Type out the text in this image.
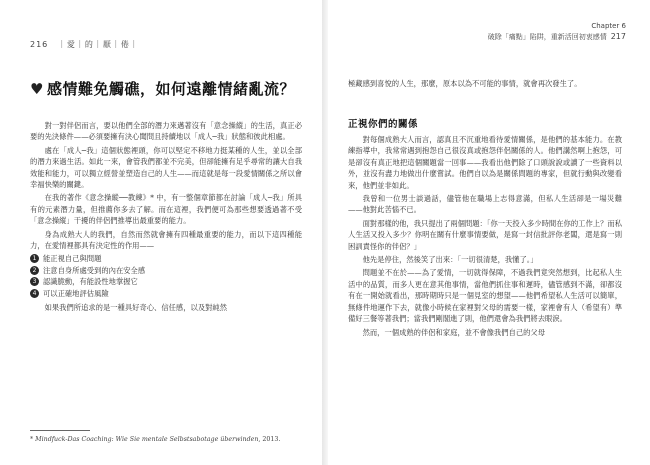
216 ｜愛｜的｜厭｜倦｜
♥ 感情難免觸礁，如何遠離情緒亂流？

對一對伴侶而言，要以他們全部的潛力來邁著沒有「意念操縱」的生活，真正必要的先決條件——必須要擁有決心聞問且持續地以「成人─我」狀態和彼此相處。

處在「成人─我」這個狀態裡頭，你可以堅定不移地力挺某種的人生，並以全部的潛力來過生活。如此一來，會管我們都並不完美，但卻能擁有足乎尋常的讓大自我效能和能力，可以獨立經營並塑造自己的人生——而這就是每一段愛情關係之所以會幸福快樂的關鍵。

在我的著作《意念操縱──教練》* 中，有一整個章節都在討論「成人─我」所具有的元素潛力量，但推薦你多去了解。而在這裡，我們便可為那些想要透過著不受「意念操縱」干擾的伴侶們推導出最重要的能力。

身為成熟大人的我們，自然而然就會擁有四種最重要的能力，而以下這四種能力，在愛情裡都具有決定性的作用——

1 能正視自己與問題
2 注意自身所處受到的內在安全感
3 認識脆動，有能設性地掌握它
4 可以正確地評估風險

如果我們所追求的是一種具好奇心、信任感，以及對純然

* Mindfuck-Das Coaching: Wie Sie mentale Selbstsabotage überwinden, 2013.
Chapter 6
破除「痛點」陷阱，重新活回初衷感情 217

極藏感到喜悅的人生，那麼，原本以為不可能的事情，就會再次發生了。

正視你們的關係

對每個成熟大人而言，認真且不沉重地看待愛情關係，是他們的基本能力。在教練指導中，我常常遇到抱怨自己很沒真或抱怨伴侶關係的人。他們講然啊上抱怨，可是卻沒有真正地把這個關題當一回事——我看出他們除了口頭說說或讀了一些資料以外，並沒有盡力地做出什麼嘗試。他們自以為是關係問題的專家，但就行動與改變看來，他們並非如此。

我曾和一位男士談過話，儘管他在職場上志得意滿，但私人生活卻是一場災難——他對此苦惱不已。

面對那樣的他，我只提出了兩個問題：「你一天投入多少時間在你的工作上？而私人生活又投入多少？你明在關有什麼事情要做，是寫一封信批評你老闆，還是寫一則困訓責怪你的伴侶？」

他先是停住，然後笑了出來：「一切很清楚，我懂了。」

問題並不在於——為了愛情，一切就得保障，不過我們竟突然想到，比起私人生活中的品質，而多人更在意其他事情，當他們抓住事和遲時，儘管感到不滿，卻都沒有在一開始就看出，那時期時只是一個見室的想望——他們希望私人生活可以簡單，無條件地運作下去，就像小時候在家裡對父母的需要一樣，家裡會有人（希望有）準備好三餐等著我們；當我們剛閣進了則，他們還會為我們將去眼淚。

然而，一個成熟的伴侶和家庭，並不會像我們自己的父母
